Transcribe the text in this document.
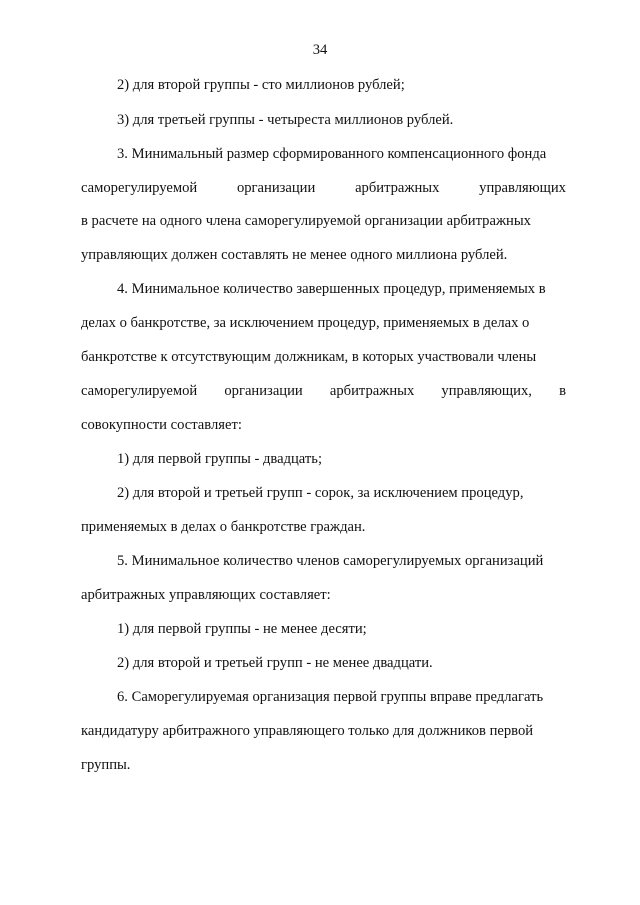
34
2) для второй группы - сто миллионов рублей;
3) для третьей группы - четыреста миллионов рублей.
3. Минимальный размер сформированного компенсационного фонда
саморегулируемой	организации	арбитражных	управляющих
в расчете на одного члена саморегулируемой организации арбитражных
управляющих должен составлять не менее одного миллиона рублей.
4. Минимальное количество завершенных процедур, применяемых в
делах о банкротстве, за исключением процедур, применяемых в делах о
банкротстве к отсутствующим должникам, в которых участвовали члены
саморегулируемой организации арбитражных управляющих, в
совокупности составляет:
1) для первой группы - двадцать;
2) для второй и третьей групп - сорок, за исключением процедур,
применяемых в делах о банкротстве граждан.
5. Минимальное количество членов саморегулируемых организаций
арбитражных управляющих составляет:
1) для первой группы - не менее десяти;
2) для второй и третьей групп - не менее двадцати.
6. Саморегулируемая организация первой группы вправе предлагать
кандидатуру арбитражного управляющего только для должников первой
группы.
